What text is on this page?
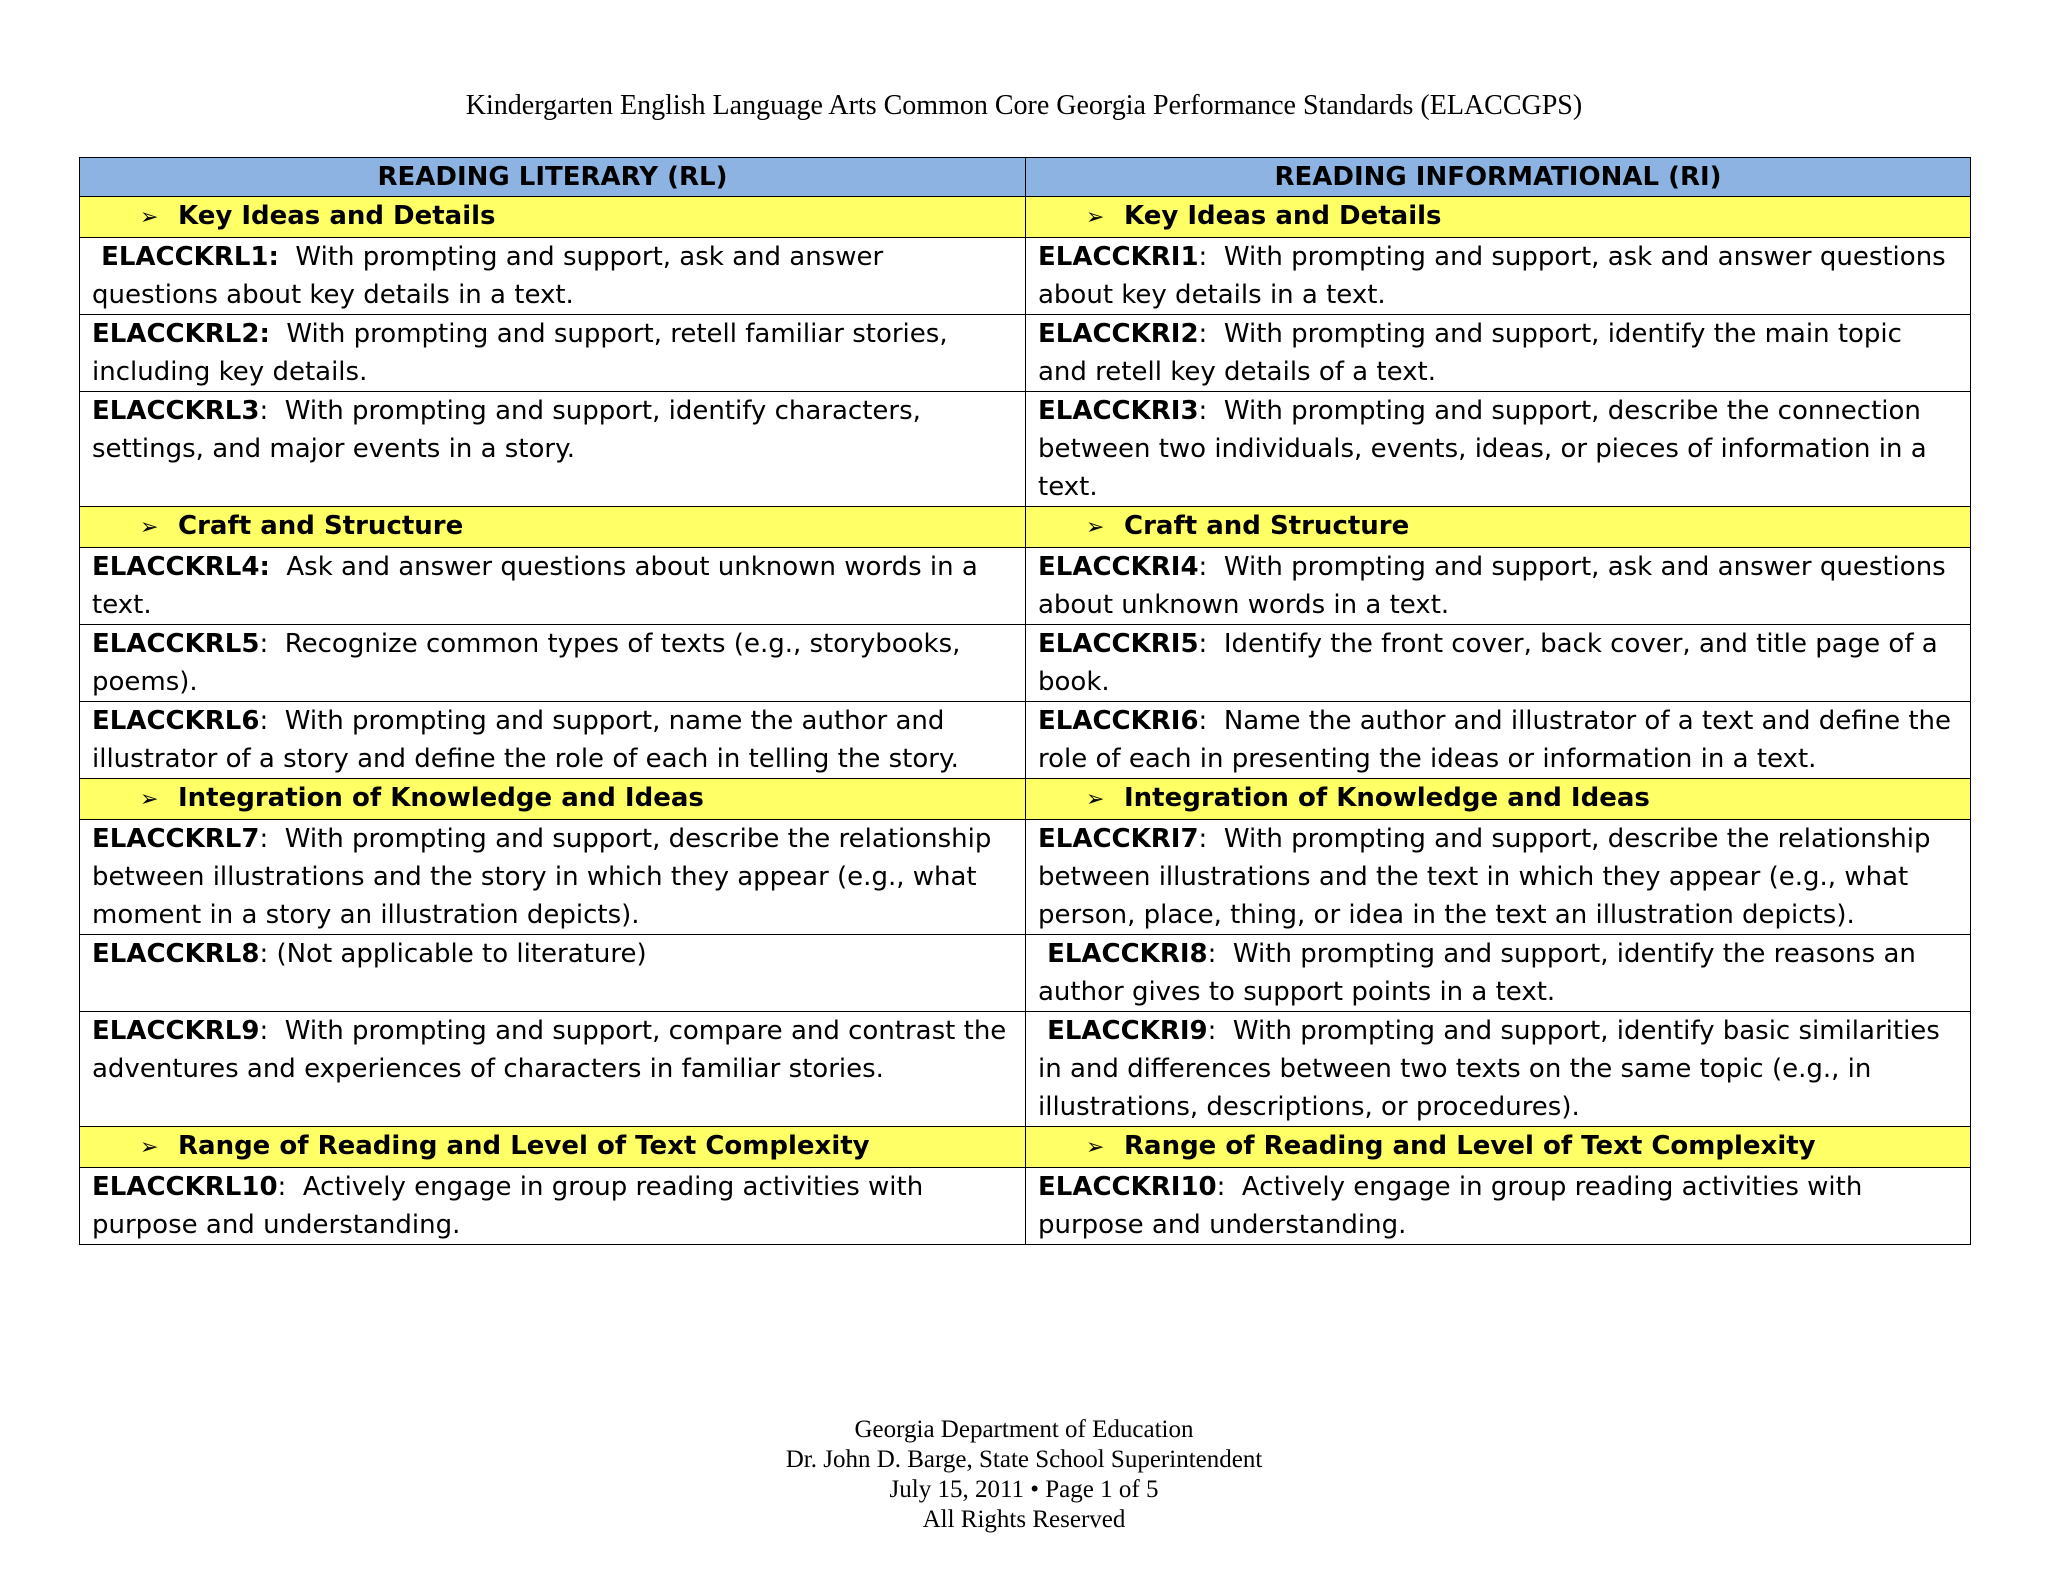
Kindergarten English Language Arts Common Core Georgia Performance Standards (ELACCGPS)
READING LITERARY (RL)	READING INFORMATIONAL (RI)
➢ Key Ideas and Details	➢ Key Ideas and Details
ELACCKRL1:  With prompting and support, ask and answer questions about key details in a text.	ELACCKRI1:  With prompting and support, ask and answer questions about key details in a text.
ELACCKRL2:  With prompting and support, retell familiar stories, including key details.	ELACCKRI2:  With prompting and support, identify the main topic and retell key details of a text.
ELACCKRL3:  With prompting and support, identify characters, settings, and major events in a story.	ELACCKRI3:  With prompting and support, describe the connection between two individuals, events, ideas, or pieces of information in a text.
➢ Craft and Structure	➢ Craft and Structure
ELACCKRL4:  Ask and answer questions about unknown words in a text.	ELACCKRI4:  With prompting and support, ask and answer questions about unknown words in a text.
ELACCKRL5:  Recognize common types of texts (e.g., storybooks, poems).	ELACCKRI5:  Identify the front cover, back cover, and title page of a book.
ELACCKRL6:  With prompting and support, name the author and illustrator of a story and define the role of each in telling the story.	ELACCKRI6:  Name the author and illustrator of a text and define the role of each in presenting the ideas or information in a text.
➢ Integration of Knowledge and Ideas	➢ Integration of Knowledge and Ideas
ELACCKRL7:  With prompting and support, describe the relationship between illustrations and the story in which they appear (e.g., what moment in a story an illustration depicts).	ELACCKRI7:  With prompting and support, describe the relationship between illustrations and the text in which they appear (e.g., what person, place, thing, or idea in the text an illustration depicts).
ELACCKRL8: (Not applicable to literature)	ELACCKRI8:  With prompting and support, identify the reasons an author gives to support points in a text.
ELACCKRL9:  With prompting and support, compare and contrast the adventures and experiences of characters in familiar stories.	ELACCKRI9:  With prompting and support, identify basic similarities in and differences between two texts on the same topic (e.g., in illustrations, descriptions, or procedures).
➢ Range of Reading and Level of Text Complexity	➢ Range of Reading and Level of Text Complexity
ELACCKRL10:  Actively engage in group reading activities with purpose and understanding.	ELACCKRI10:  Actively engage in group reading activities with purpose and understanding.
Georgia Department of Education
Dr. John D. Barge, State School Superintendent
July 15, 2011 • Page 1 of 5
All Rights Reserved
